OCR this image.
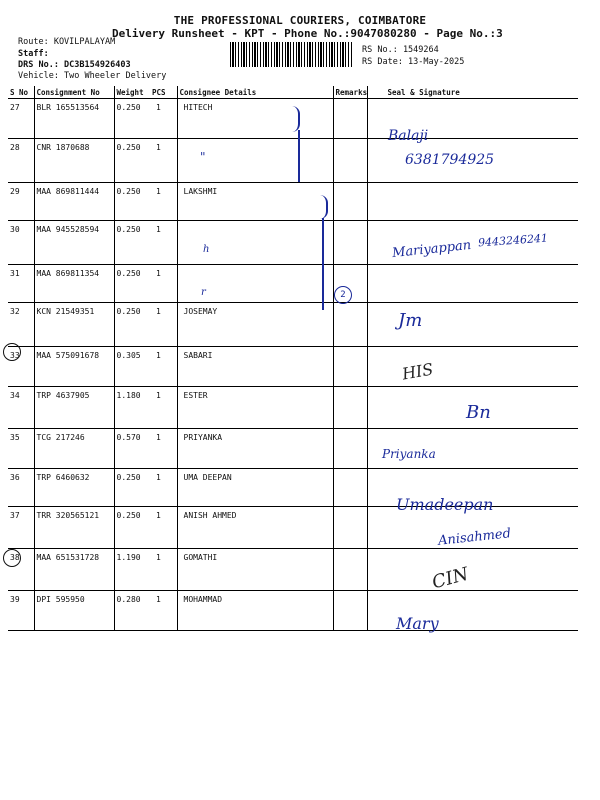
THE PROFESSIONAL COURIERS, COIMBATORE
Delivery Runsheet - KPT - Phone No.:9047080280 - Page No.:3
Route: KOVILPALAYAM
Staff:
DRS No.: DC3B154926403
Vehicle: Two Wheeler Delivery
RS No.: 1549264
RS Date: 13-May-2025
S No	Consignment No	Weight	PCS	Consignee Details	Remarks	Seal & Signature
27	BLR 165513564	0.250	1	HITECH		
28	CNR 1870688	0.250	1			
29	MAA 869811444	0.250	1	LAKSHMI		
30	MAA 945528594	0.250	1			
31	MAA 869811354	0.250	1			
32	KCN 21549351	0.250	1	JOSEMAY		
33	MAA 575091678	0.305	1	SABARI		
34	TRP 4637905	1.180	1	ESTER		
35	TCG 217246	0.570	1	PRIYANKA		
36	TRP 6460632	0.250	1	UMA DEEPAN		
37	TRR 320565121	0.250	1	ANISH AHMED		
38	MAA 651531728	1.190	1	GOMATHI		
39	DPI 595950	0.280	1	MOHAMMAD		
Balaji
6381794925
"
h
r
Mariyappan 9443246241
2
Jm
HIS
Bn
Priyanka
Umadeepan
Anisahmed
CIN
Mary
